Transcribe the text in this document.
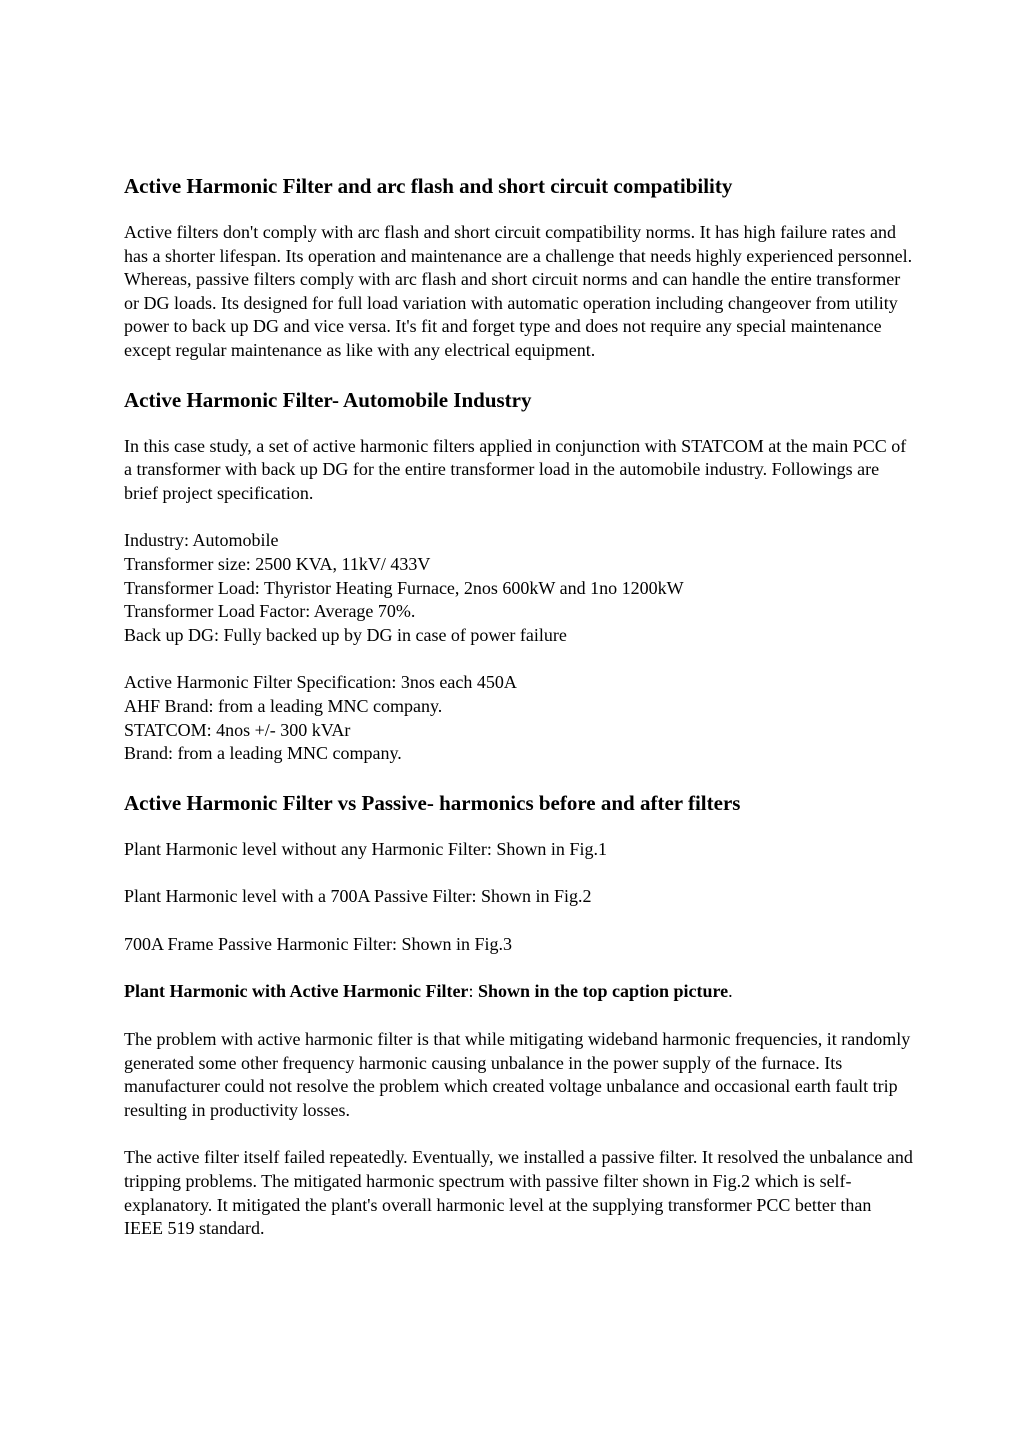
Active Harmonic Filter and arc flash and short circuit compatibility

Active filters don't comply with arc flash and short circuit compatibility norms. It has high failure rates and has a shorter lifespan. Its operation and maintenance are a challenge that needs highly experienced personnel. Whereas, passive filters comply with arc flash and short circuit norms and can handle the entire transformer or DG loads. Its designed for full load variation with automatic operation including changeover from utility power to back up DG and vice versa. It's fit and forget type and does not require any special maintenance except regular maintenance as like with any electrical equipment.

Active Harmonic Filter- Automobile Industry

In this case study, a set of active harmonic filters applied in conjunction with STATCOM at the main PCC of a transformer with back up DG for the entire transformer load in the automobile industry. Followings are brief project specification.

Industry: Automobile
Transformer size: 2500 KVA, 11kV/ 433V
Transformer Load: Thyristor Heating Furnace, 2nos 600kW and 1no 1200kW
Transformer Load Factor: Average 70%.
Back up DG: Fully backed up by DG in case of power failure
Active Harmonic Filter Specification: 3nos each 450A
AHF Brand: from a leading MNC company.
STATCOM: 4nos +/- 300 kVAr
Brand: from a leading MNC company.
Active Harmonic Filter vs Passive- harmonics before and after filters

Plant Harmonic level without any Harmonic Filter: Shown in Fig.1

Plant Harmonic level with a 700A Passive Filter: Shown in Fig.2

700A Frame Passive Harmonic Filter: Shown in Fig.3

Plant Harmonic with Active Harmonic Filter: Shown in the top caption picture.

The problem with active harmonic filter is that while mitigating wideband harmonic frequencies, it randomly generated some other frequency harmonic causing unbalance in the power supply of the furnace. Its manufacturer could not resolve the problem which created voltage unbalance and occasional earth fault trip resulting in productivity losses.

The active filter itself failed repeatedly. Eventually, we installed a passive filter. It resolved the unbalance and tripping problems. The mitigated harmonic spectrum with passive filter shown in Fig.2 which is self-explanatory. It mitigated the plant's overall harmonic level at the supplying transformer PCC better than IEEE 519 standard.
